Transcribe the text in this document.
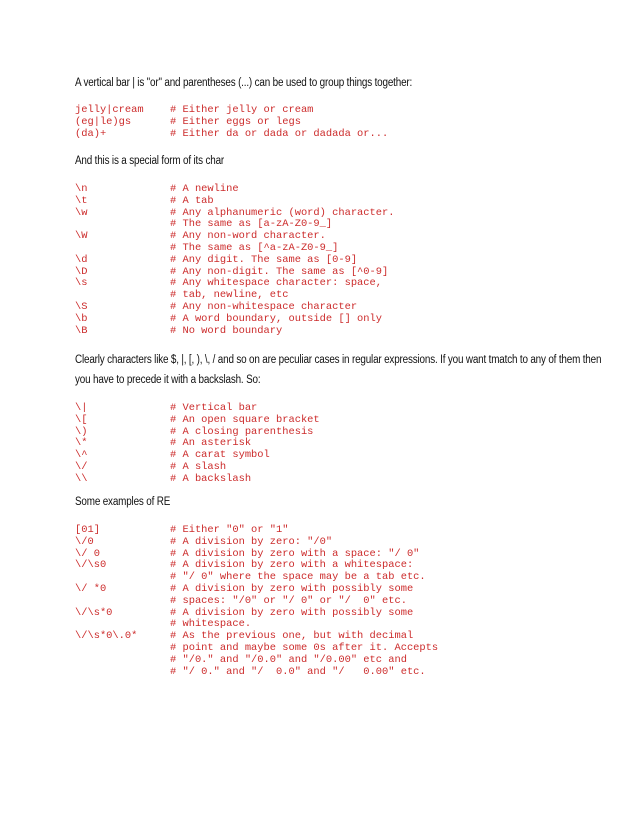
A vertical bar | is "or" and parentheses (...) can be used to group things together:
jelly|cream	# Either jelly or cream
(eg|le)gs	# Either eggs or legs
(da)+	# Either da or dada or dadada or...
And this is a special form of its char
\n	# A newline
\t	# A tab
\w	# Any alphanumeric (word) character.
# The same as [a-zA-Z0-9_]
\W	# Any non-word character.
# The same as [^a-zA-Z0-9_]
\d	# Any digit. The same as [0-9]
\D	# Any non-digit. The same as [^0-9]
\s	# Any whitespace character: space,
# tab, newline, etc
\S	# Any non-whitespace character
\b	# A word boundary, outside [] only
\B	# No word boundary
Clearly characters like $, |, [, ), \, / and so on are peculiar cases in regular expressions. If you want tmatch to any of them then you have to precede it with a backslash. So:
\|	# Vertical bar
\[	# An open square bracket
\)	# A closing parenthesis
\*	# An asterisk
\^	# A carat symbol
\/	# A slash
\\	# A backslash
Some examples of RE
[01]	# Either "0" or "1"
\/0	# A division by zero: "/0"
\/ 0	# A division by zero with a space: "/ 0"
\/\s0	# A division by zero with a whitespace:
# "/ 0" where the space may be a tab etc.
\/ *0	# A division by zero with possibly some
# spaces: "/0" or "/ 0" or "/  0" etc.
\/\s*0	# A division by zero with possibly some
# whitespace.
\/\s*0\.0*	# As the previous one, but with decimal
# point and maybe some 0s after it. Accepts
# "/0." and "/0.0" and "/0.00" etc and
# "/ 0." and "/  0.0" and "/   0.00" etc.
